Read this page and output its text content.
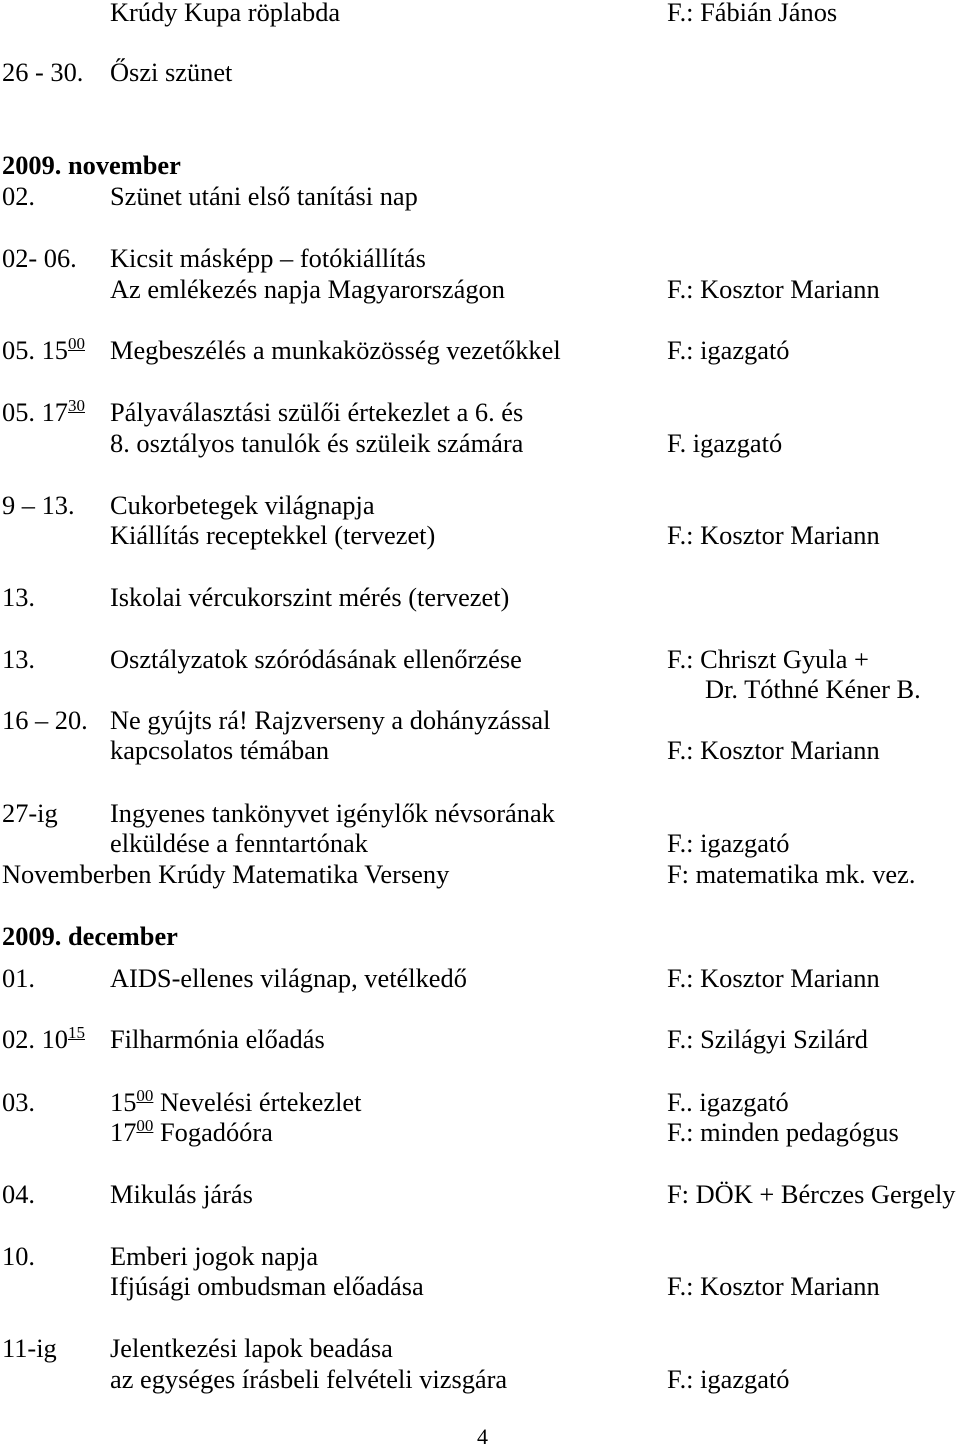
Krúdy Kupa röplabda	F.: Fábián János
26 - 30. Őszi szünet
2009. november
02.	Szünet utáni első tanítási nap
02- 06. Kicsit másképp – fotókiállítás
Az emlékezés napja Magyarországon	F.: Kosztor Mariann
05. $15^{00}$ Megbeszélés a munkaközösség vezetőkkel	F.: igazgató
05. $17^{30}$ Pályaválasztási szülői értekezlet a 6. és
8. osztályos tanulók és szüleik számára	F. igazgató
9 – 13. Cukorbetegek világnapja
Kiállítás receptekkel (tervezet)	F.: Kosztor Mariann
13.	Iskolai vércukorszint mérés (tervezet)
13.	Osztályzatok szóródásának ellenőrzése	F.: Chriszt Gyula +
Dr. Tóthné Kéner B.
16 – 20. Ne gyújts rá! Rajzverseny a dohányzással
kapcsolatos témában	F.: Kosztor Mariann
27-ig Ingyenes tankönyvet igénylők névsorának
elküldése a fenntartónak	F.: igazgató
Novemberben Krúdy Matematika Verseny	F: matematika mk. vez.
2009. december
01.	AIDS-ellenes világnap, vetélkedő	F.: Kosztor Mariann
02. $10^{15}$ Filharmónia előadás	F.: Szilágyi Szilárd
03.	$15^{00}$ Nevelési értekezlet	F.. igazgató
$17^{00}$ Fogadóóra	F.: minden pedagógus
04.	Mikulás járás	F: DÖK + Bérczes Gergely
10.	Emberi jogok napja
Ifjúsági ombudsman előadása	F.: Kosztor Mariann
11-ig Jelentkezési lapok beadása
az egységes írásbeli felvételi vizsgára	F.: igazgató
4
